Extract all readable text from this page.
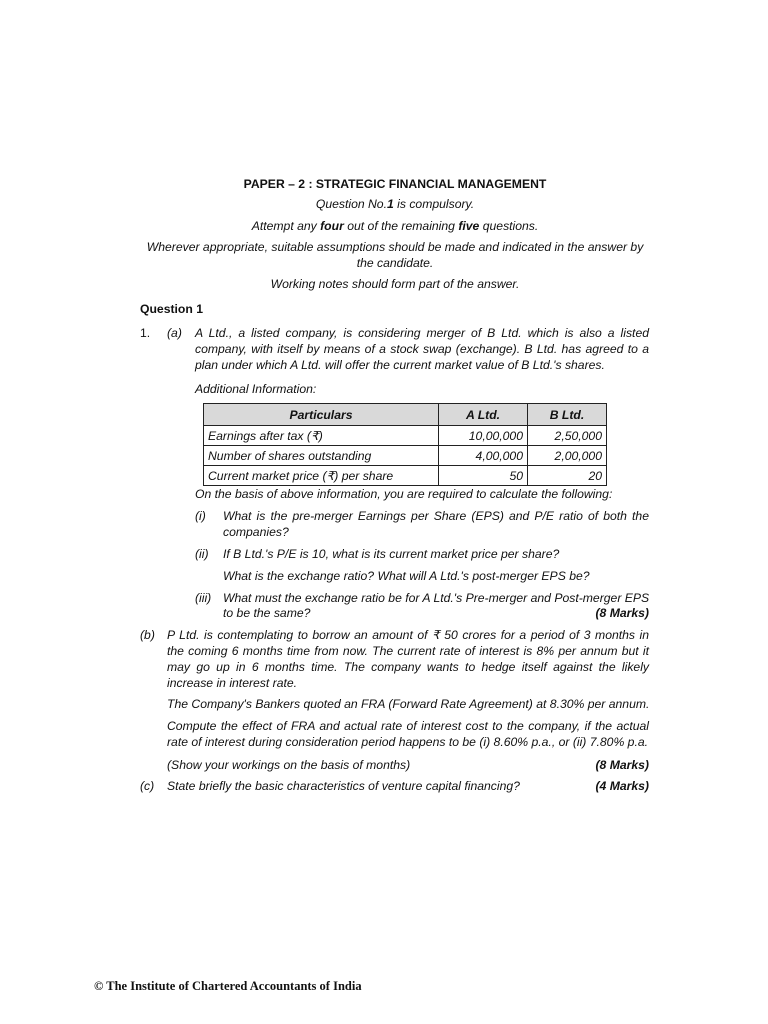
PAPER – 2 : STRATEGIC FINANCIAL MANAGEMENT
Question No.1 is compulsory.
Attempt any four out of the remaining five questions.
Wherever appropriate, suitable assumptions should be made and indicated in the answer by
the candidate.
Working notes should form part of the answer.
Question 1
1. (a) A Ltd., a listed company, is considering merger of B Ltd. which is also a listed company, with itself by means of a stock swap (exchange). B Ltd. has agreed to a plan under which A Ltd. will offer the current market value of B Ltd.'s shares.
Additional Information:
Particulars	A Ltd.	B Ltd.
Earnings after tax (₹)	10,00,000	2,50,000
Number of shares outstanding	4,00,000	2,00,000
Current market price (₹) per share	50	20
On the basis of above information, you are required to calculate the following:
(i) What is the pre-merger Earnings per Share (EPS) and P/E ratio of both the companies?
(ii) If B Ltd.'s P/E is 10, what is its current market price per share?
What is the exchange ratio? What will A Ltd.'s post-merger EPS be?
(iii) What must the exchange ratio be for A Ltd.'s Pre-merger and Post-merger EPS
to be the same?	(8 Marks)
(b) P Ltd. is contemplating to borrow an amount of ₹ 50 crores for a period of 3 months in the coming 6 months time from now. The current rate of interest is 8% per annum but it may go up in 6 months time. The company wants to hedge itself against the likely increase in interest rate.
The Company's Bankers quoted an FRA (Forward Rate Agreement) at 8.30% per annum.
Compute the effect of FRA and actual rate of interest cost to the company, if the actual rate of interest during consideration period happens to be (i) 8.60% p.a., or (ii) 7.80% p.a.
(Show your workings on the basis of months)	(8 Marks)
(c) State briefly the basic characteristics of venture capital financing?	(4 Marks)
© The Institute of Chartered Accountants of India
